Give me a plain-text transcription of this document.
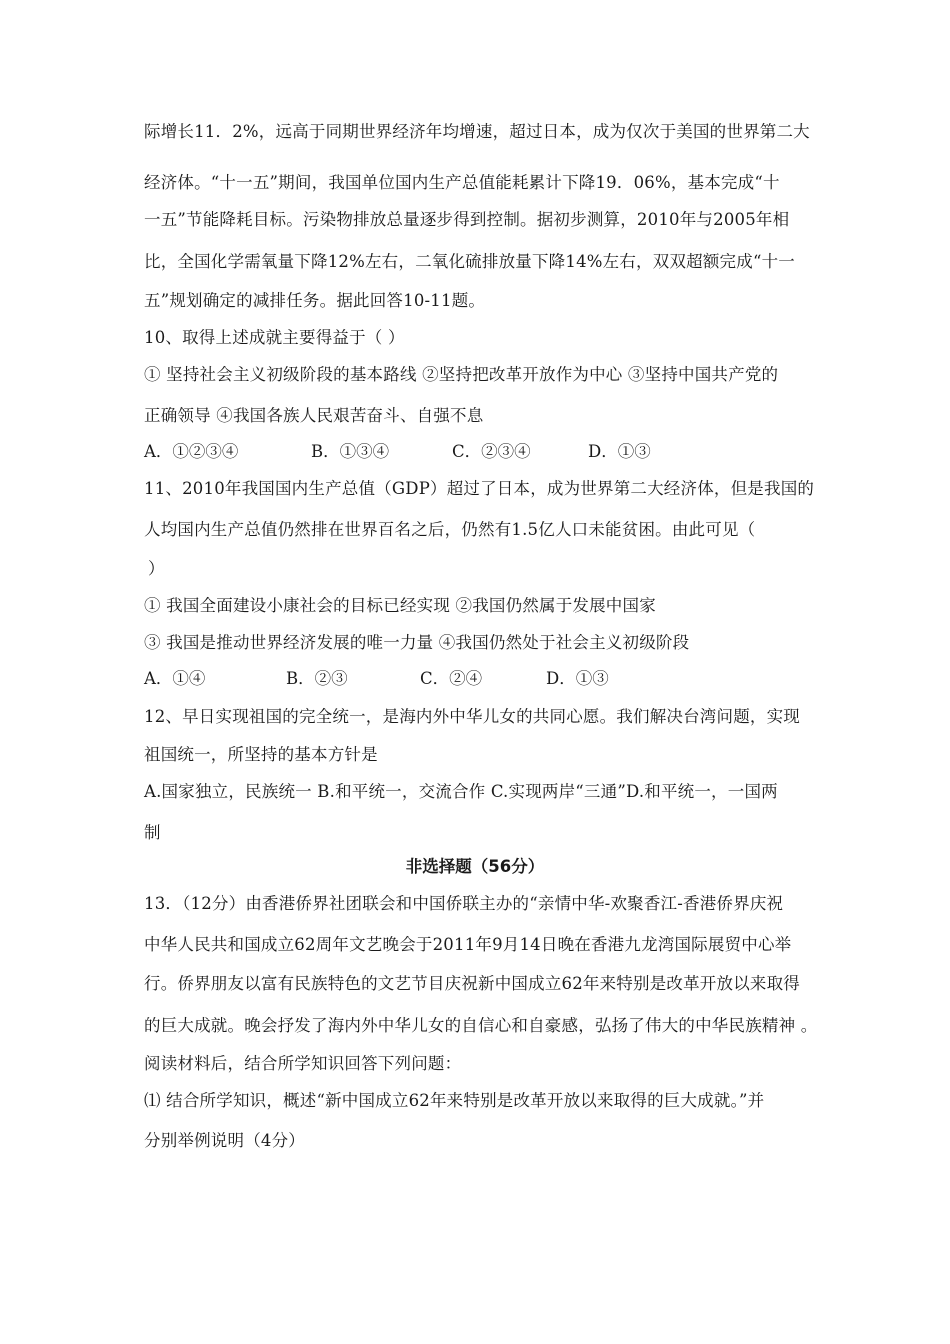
际增长11．2%，远高于同期世界经济年均增速，超过日本，成为仅次于美国的世界第二大
经济体。“十一五”期间，我国单位国内生产总值能耗累计下降19．06%，基本完成“十
一五”节能降耗目标。污染物排放总量逐步得到控制。据初步测算，2010年与2005年相
比，全国化学需氧量下降12%左右，二氧化硫排放量下降14%左右，双双超额完成“十一
五”规划确定的减排任务。据此回答10-11题。
10、取得上述成就主要得益于（ ）
① 坚持社会主义初级阶段的基本路线 ②坚持把改革开放作为中心 ③坚持中国共产党的
正确领导 ④我国各族人民艰苦奋斗、自强不息
A．①②③④	B．①③④	C．②③④	D．①③
11、2010年我国国内生产总值（GDP）超过了日本，成为世界第二大经济体，但是我国的
人均国内生产总值仍然排在世界百名之后，仍然有1.5亿人口未能贫困。由此可见（
）
① 我国全面建设小康社会的目标已经实现 ②我国仍然属于发展中国家
③ 我国是推动世界经济发展的唯一力量 ④我国仍然处于社会主义初级阶段
A．①④	B．②③	C．②④	D．①③
12、早日实现祖国的完全统一，是海内外中华儿女的共同心愿。我们解决台湾问题，实现
祖国统一，所坚持的基本方针是
A.国家独立，民族统一 B.和平统一，交流合作 C.实现两岸“三通”D.和平统一，一国两
制
非选择题（56分）
13．（12分）由香港侨界社团联会和中国侨联主办的“亲情中华-欢聚香江-香港侨界庆祝
中华人民共和国成立62周年文艺晚会于2011年9月14日晚在香港九龙湾国际展贸中心举
行。侨界朋友以富有民族特色的文艺节目庆祝新中国成立62年来特别是改革开放以来取得
的巨大成就。晚会抒发了海内外中华儿女的自信心和自豪感，弘扬了伟大的中华民族精神 。
阅读材料后，结合所学知识回答下列问题：
⑴ 结合所学知识，概述“新中国成立62年来特别是改革开放以来取得的巨大成就。”并
分别举例说明（4分）
